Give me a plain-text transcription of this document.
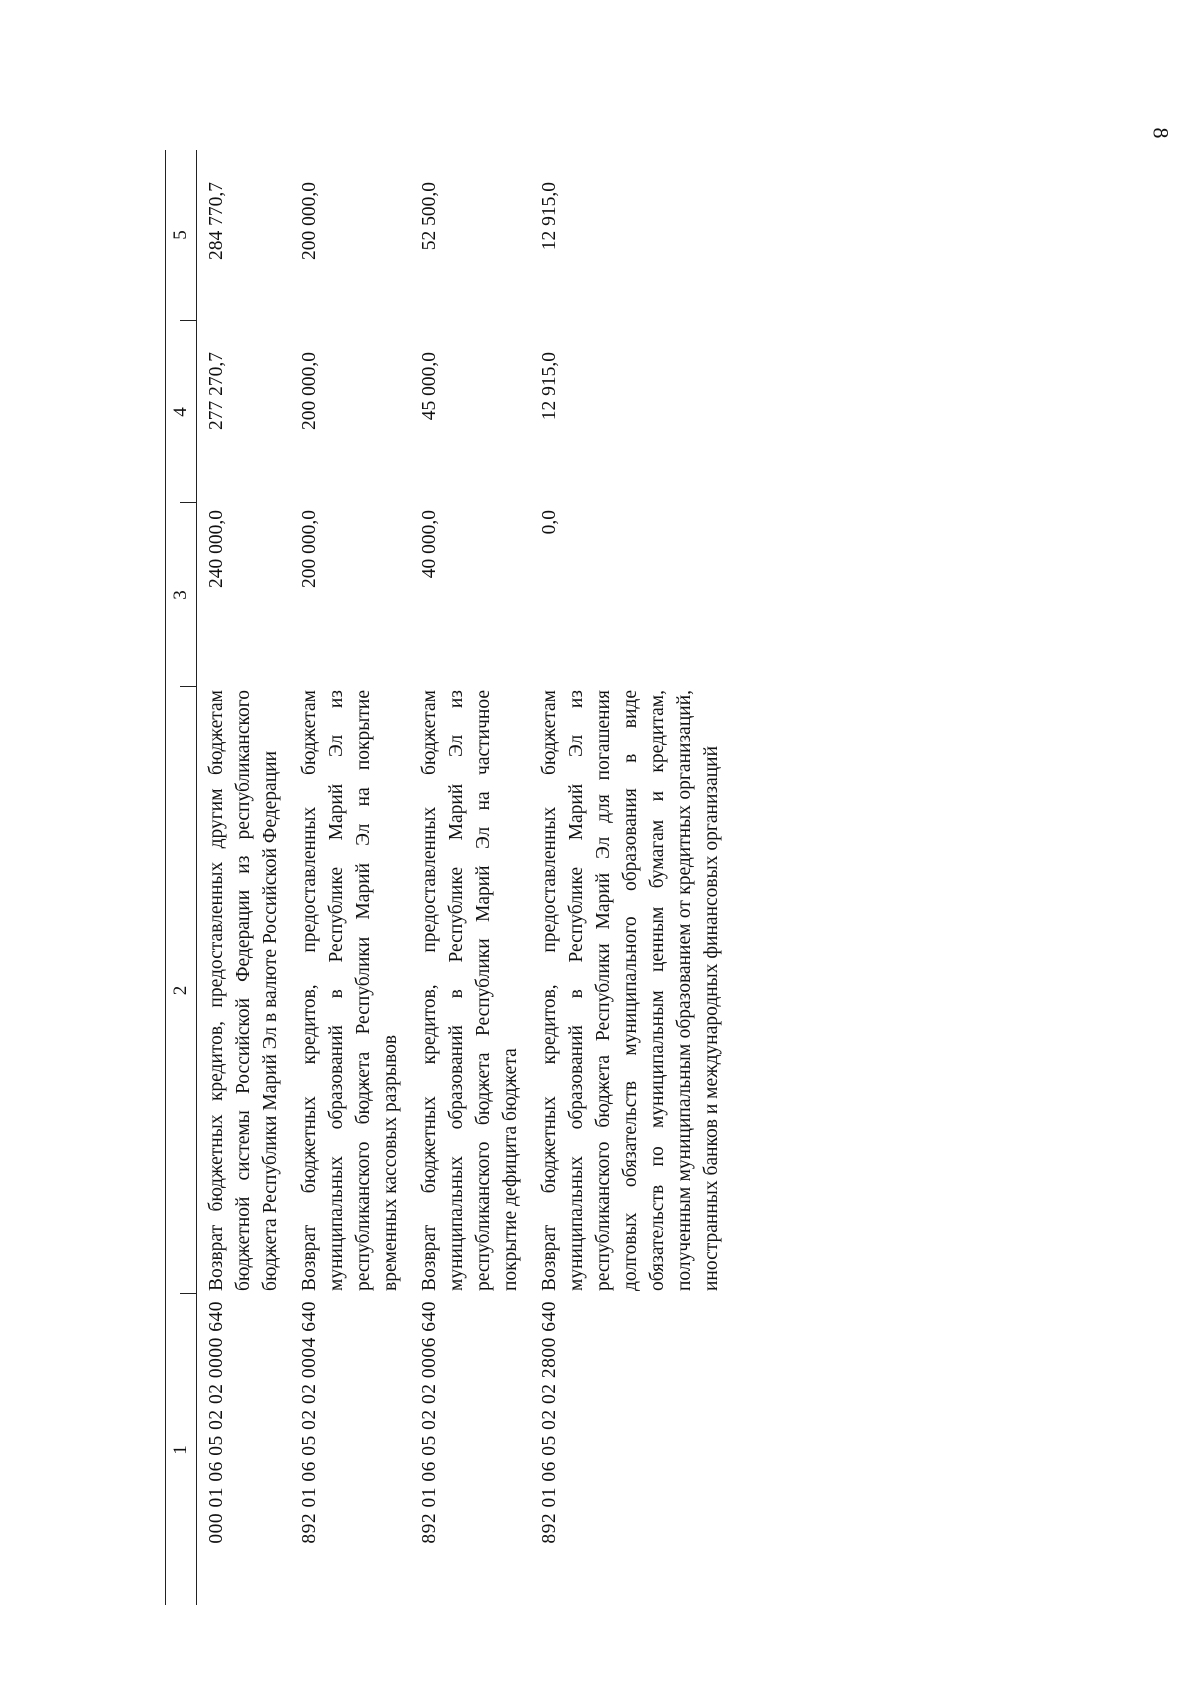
8
1
2
3
4
5
000 01 06 05 02 02 0000 640
Возврат бюджетных кредитов, предоставленных другим бюджетам бюджетной системы Российской Федерации из республиканского бюджета Республики Марий Эл в валюте Российской Федерации
240 000,0
277 270,7
284 770,7
892 01 06 05 02 02 0004 640
Возврат бюджетных кредитов, предоставленных бюджетам муниципальных образований в Республике Марий Эл из республиканского бюджета Республики Марий Эл на покрытие временных кассовых разрывов
200 000,0
200 000,0
200 000,0
892 01 06 05 02 02 0006 640
Возврат бюджетных кредитов, предоставленных бюджетам муниципальных образований в Республике Марий Эл из республиканского бюджета Республики Марий Эл на частичное покрытие дефицита бюджета
40 000,0
45 000,0
52 500,0
892 01 06 05 02 02 2800 640
Возврат бюджетных кредитов, предоставленных бюджетам муниципальных образований в Республике Марий Эл из республиканского бюджета Республики Марий Эл для погашения долговых обязательств муниципального образования в виде обязательств по муниципальным ценным бумагам и кредитам, полученным муниципальным образованием от кредитных организаций, иностранных банков и международных финансовых организаций
0,0
12 915,0
12 915,0
